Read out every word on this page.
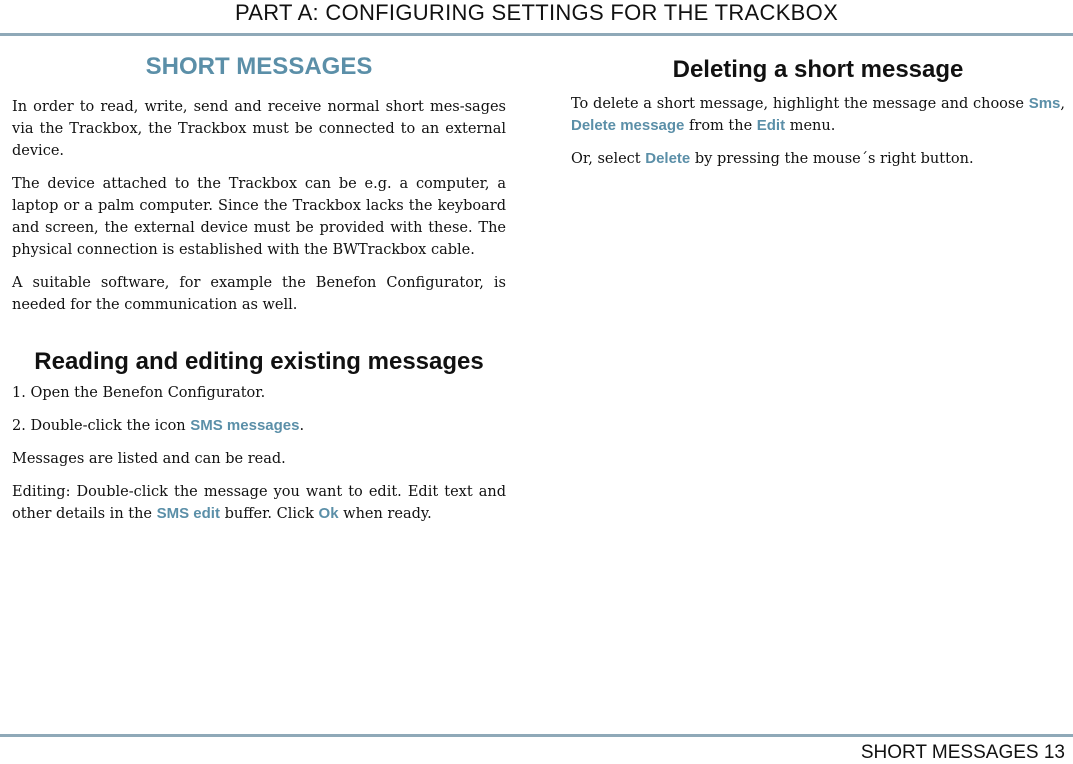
PART A: CONFIGURING SETTINGS FOR THE TRACKBOX
SHORT MESSAGES

In order to read, write, send and receive normal short mes-sages via the Trackbox, the Trackbox must be connected to an external device.

The device attached to the Trackbox can be e.g. a computer, a laptop or a palm computer. Since the Trackbox lacks the keyboard and screen, the external device must be provided with these. The physical connection is established with the BWTrackbox cable.

A suitable software, for example the Benefon Configurator, is needed for the communication as well.

Reading and editing existing messages

1. Open the Benefon Configurator.

2. Double-click the icon SMS messages.

Messages are listed and can be read.

Editing: Double-click the message you want to edit. Edit text and other details in the SMS edit buffer. Click Ok when ready.

Deleting a short message

To delete a short message, highlight the message and choose Sms, Delete message from the Edit menu.

Or, select Delete by pressing the mouse´s right button.

SHORT MESSAGES 13
